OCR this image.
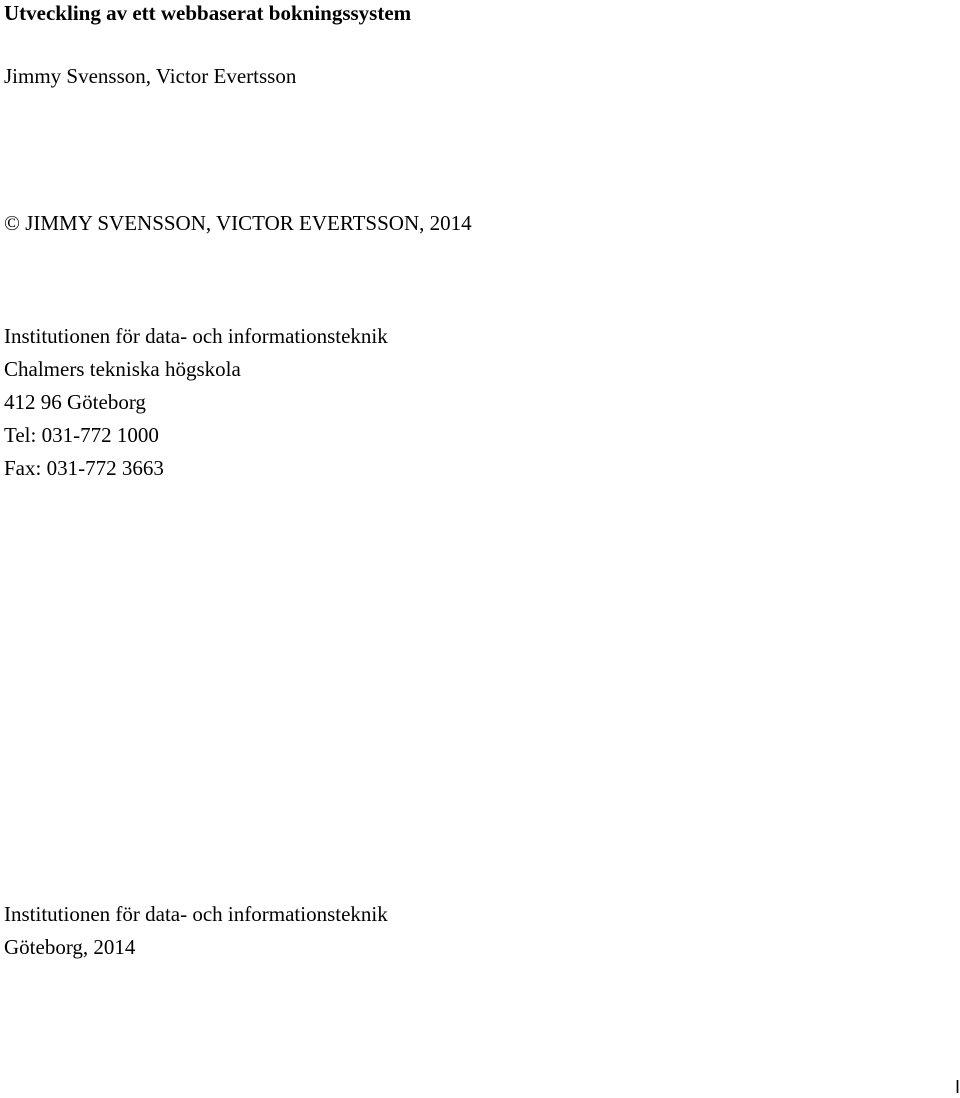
Utveckling av ett webbaserat bokningssystem
Jimmy Svensson, Victor Evertsson
© JIMMY SVENSSON, VICTOR EVERTSSON, 2014
Institutionen för data- och informationsteknik
Chalmers tekniska högskola
412 96 Göteborg
Tel: 031-772 1000
Fax: 031-772 3663
Institutionen för data- och informationsteknik
Göteborg, 2014
I
